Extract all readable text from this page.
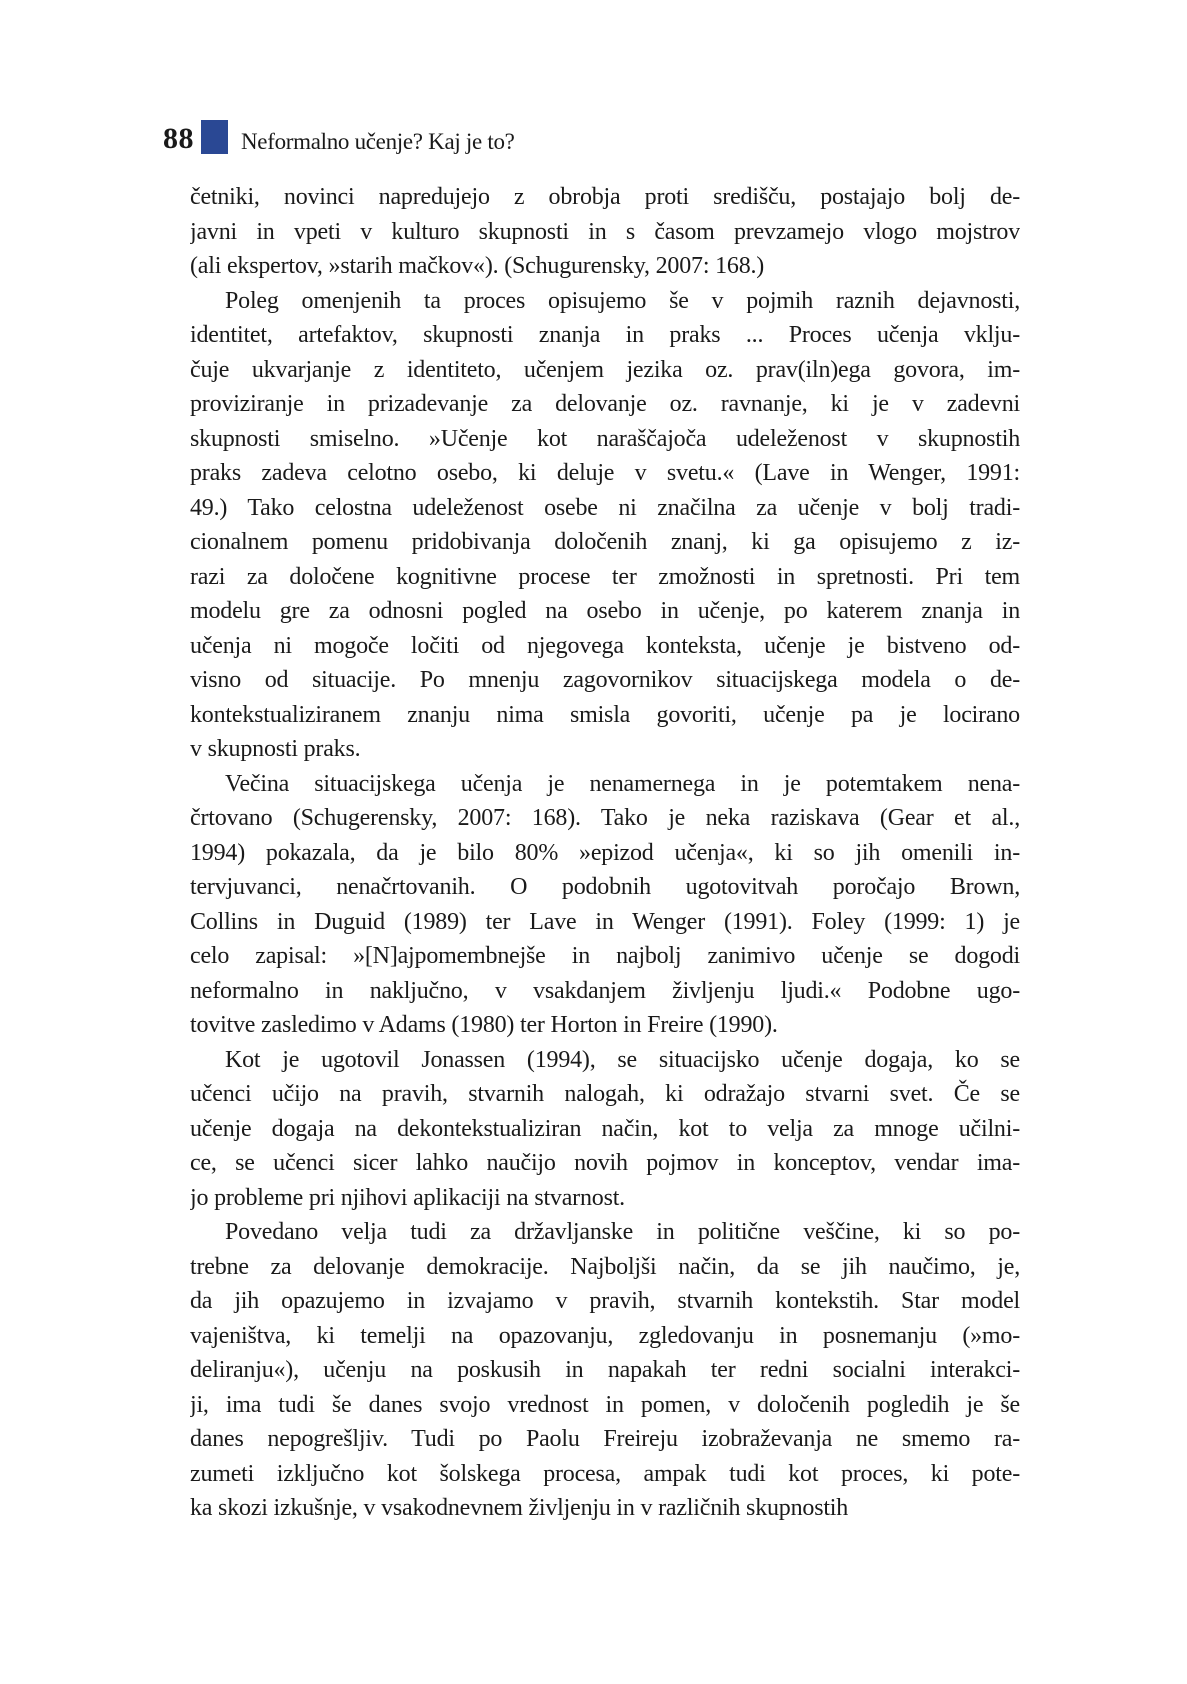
88 Neformalno učenje? Kaj je to?
četniki, novinci napredujejo z obrobja proti središču, postajajo bolj de-
javni in vpeti v kulturo skupnosti in s časom prevzamejo vlogo mojstrov
(ali ekspertov, »starih mačkov«). (Schugurensky, 2007: 168.)
Poleg omenjenih ta proces opisujemo še v pojmih raznih dejavnosti,
identitet, artefaktov, skupnosti znanja in praks ... Proces učenja vklju-
čuje ukvarjanje z identiteto, učenjem jezika oz. prav(iln)ega govora, im-
proviziranje in prizadevanje za delovanje oz. ravnanje, ki je v zadevni
skupnosti smiselno. »Učenje kot naraščajoča udeleženost v skupnostih
praks zadeva celotno osebo, ki deluje v svetu.« (Lave in Wenger, 1991:
49.) Tako celostna udeleženost osebe ni značilna za učenje v bolj tradi-
cionalnem pomenu pridobivanja določenih znanj, ki ga opisujemo z iz-
razi za določene kognitivne procese ter zmožnosti in spretnosti. Pri tem
modelu gre za odnosni pogled na osebo in učenje, po katerem znanja in
učenja ni mogoče ločiti od njegovega konteksta, učenje je bistveno od-
visno od situacije. Po mnenju zagovornikov situacijskega modela o de-
kontekstualiziranem znanju nima smisla govoriti, učenje pa je locirano
v skupnosti praks.
Večina situacijskega učenja je nenamernega in je potemtakem nena-
črtovano (Schugerensky, 2007: 168). Tako je neka raziskava (Gear et al.,
1994) pokazala, da je bilo 80% »epizod učenja«, ki so jih omenili in-
tervjuvanci, nenačrtovanih. O podobnih ugotovitvah poročajo Brown,
Collins in Duguid (1989) ter Lave in Wenger (1991). Foley (1999: 1) je
celo zapisal: »[N]ajpomembnejše in najbolj zanimivo učenje se dogodi
neformalno in naključno, v vsakdanjem življenju ljudi.« Podobne ugo-
tovitve zasledimo v Adams (1980) ter Horton in Freire (1990).
Kot je ugotovil Jonassen (1994), se situacijsko učenje dogaja, ko se
učenci učijo na pravih, stvarnih nalogah, ki odražajo stvarni svet. Če se
učenje dogaja na dekontekstualiziran način, kot to velja za mnoge učilni-
ce, se učenci sicer lahko naučijo novih pojmov in konceptov, vendar ima-
jo probleme pri njihovi aplikaciji na stvarnost.
Povedano velja tudi za državljanske in politične veščine, ki so po-
trebne za delovanje demokracije. Najboljši način, da se jih naučimo, je,
da jih opazujemo in izvajamo v pravih, stvarnih kontekstih. Star model
vajeništva, ki temelji na opazovanju, zgledovanju in posnemanju (»mo-
deliranju«), učenju na poskusih in napakah ter redni socialni interakci-
ji, ima tudi še danes svojo vrednost in pomen, v določenih pogledih je še
danes nepogrešljiv. Tudi po Paolu Freireju izobraževanja ne smemo ra-
zumeti izključno kot šolskega procesa, ampak tudi kot proces, ki pote-
ka skozi izkušnje, v vsakodnevnem življenju in v različnih skupnostih
